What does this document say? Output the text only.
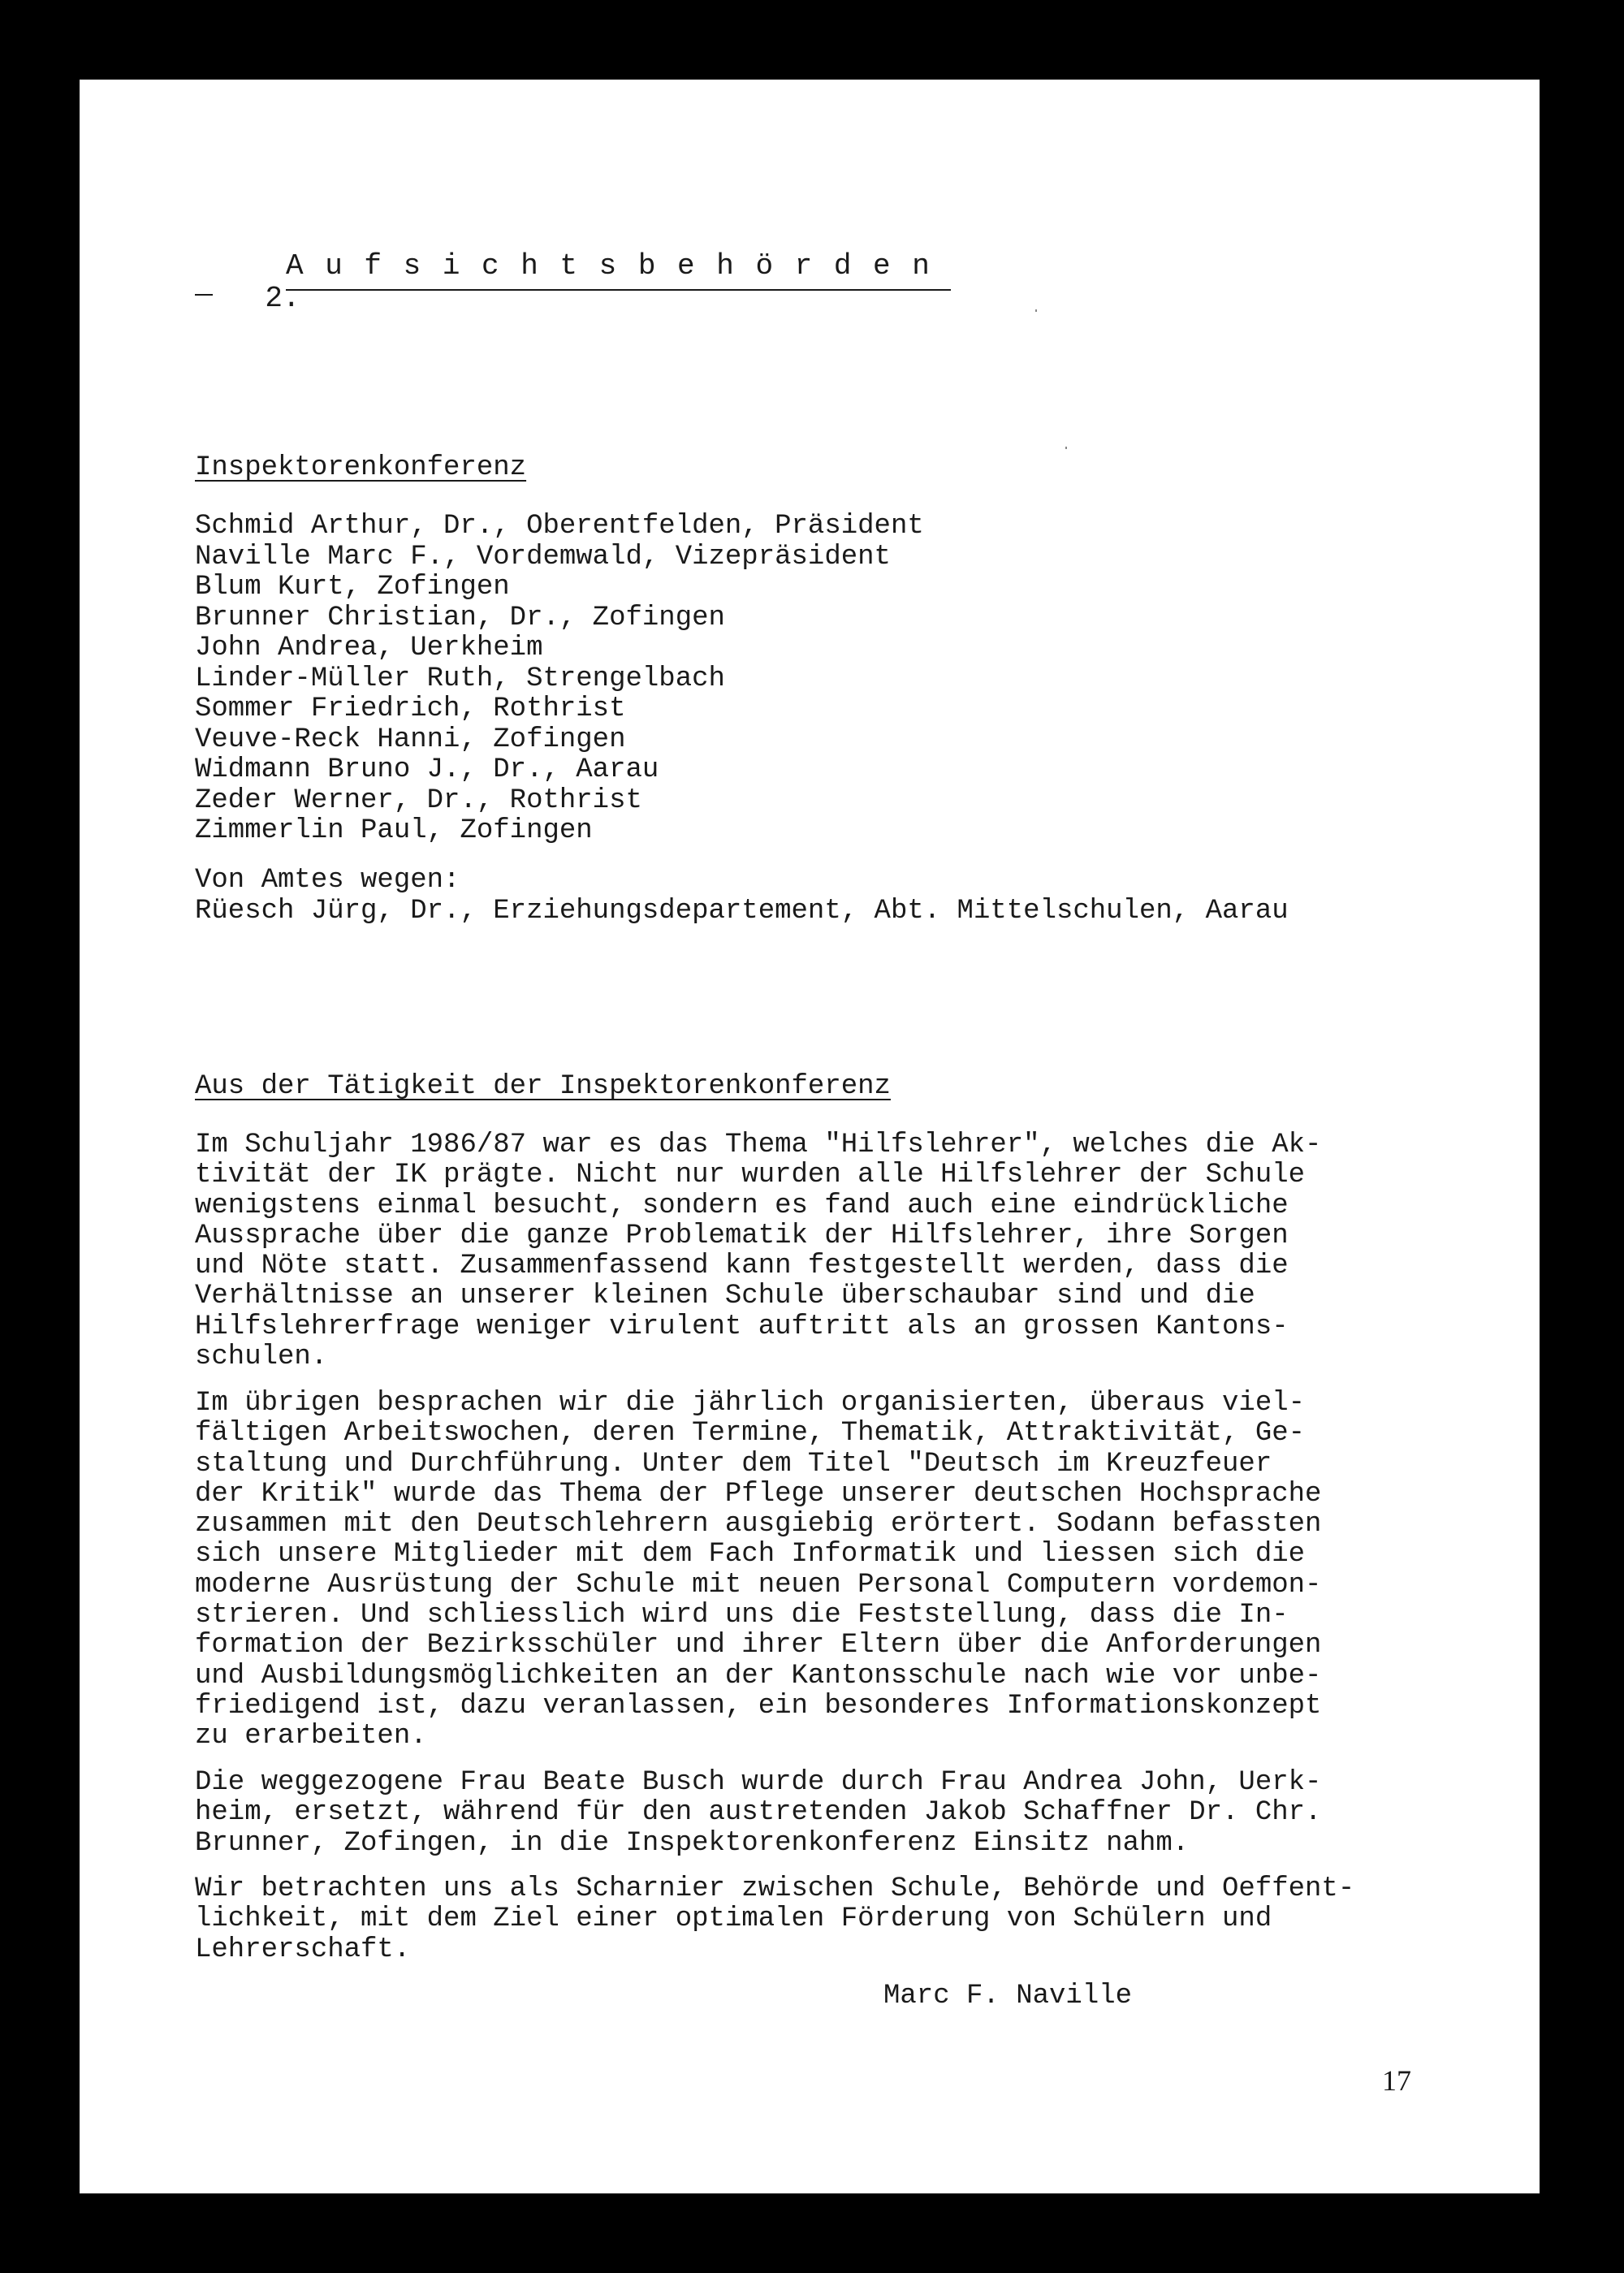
2.
Aufsichtsbehörden

Inspektorenkonferenz
Schmid Arthur, Dr., Oberentfelden, Präsident
Naville Marc F., Vordemwald, Vizepräsident
Blum Kurt, Zofingen
Brunner Christian, Dr., Zofingen
John Andrea, Uerkheim
Linder-Müller Ruth, Strengelbach
Sommer Friedrich, Rothrist
Veuve-Reck Hanni, Zofingen
Widmann Bruno J., Dr., Aarau
Zeder Werner, Dr., Rothrist
Zimmerlin Paul, Zofingen
Von Amtes wegen:
Rüesch Jürg, Dr., Erziehungsdepartement, Abt. Mittelschulen, Aarau
Aus der Tätigkeit der Inspektorenkonferenz
Im Schuljahr 1986/87 war es das Thema "Hilfslehrer", welches die Ak-
tivität der IK prägte. Nicht nur wurden alle Hilfslehrer der Schule
wenigstens einmal besucht, sondern es fand auch eine eindrückliche
Aussprache über die ganze Problematik der Hilfslehrer, ihre Sorgen
und Nöte statt. Zusammenfassend kann festgestellt werden, dass die
Verhältnisse an unserer kleinen Schule überschaubar sind und die
Hilfslehrerfrage weniger virulent auftritt als an grossen Kantons-
schulen.
Im übrigen besprachen wir die jährlich organisierten, überaus viel-
fältigen Arbeitswochen, deren Termine, Thematik, Attraktivität, Ge-
staltung und Durchführung. Unter dem Titel "Deutsch im Kreuzfeuer
der Kritik" wurde das Thema der Pflege unserer deutschen Hochsprache
zusammen mit den Deutschlehrern ausgiebig erörtert. Sodann befassten
sich unsere Mitglieder mit dem Fach Informatik und liessen sich die
moderne Ausrüstung der Schule mit neuen Personal Computern vordemon-
strieren. Und schliesslich wird uns die Feststellung, dass die In-
formation der Bezirksschüler und ihrer Eltern über die Anforderungen
und Ausbildungsmöglichkeiten an der Kantonsschule nach wie vor unbe-
friedigend ist, dazu veranlassen, ein besonderes Informationskonzept
zu erarbeiten.
Die weggezogene Frau Beate Busch wurde durch Frau Andrea John, Uerk-
heim, ersetzt, während für den austretenden Jakob Schaffner Dr. Chr.
Brunner, Zofingen, in die Inspektorenkonferenz Einsitz nahm.
Wir betrachten uns als Scharnier zwischen Schule, Behörde und Oeffent-
lichkeit, mit dem Ziel einer optimalen Förderung von Schülern und
Lehrerschaft.
Marc F. Naville
17
